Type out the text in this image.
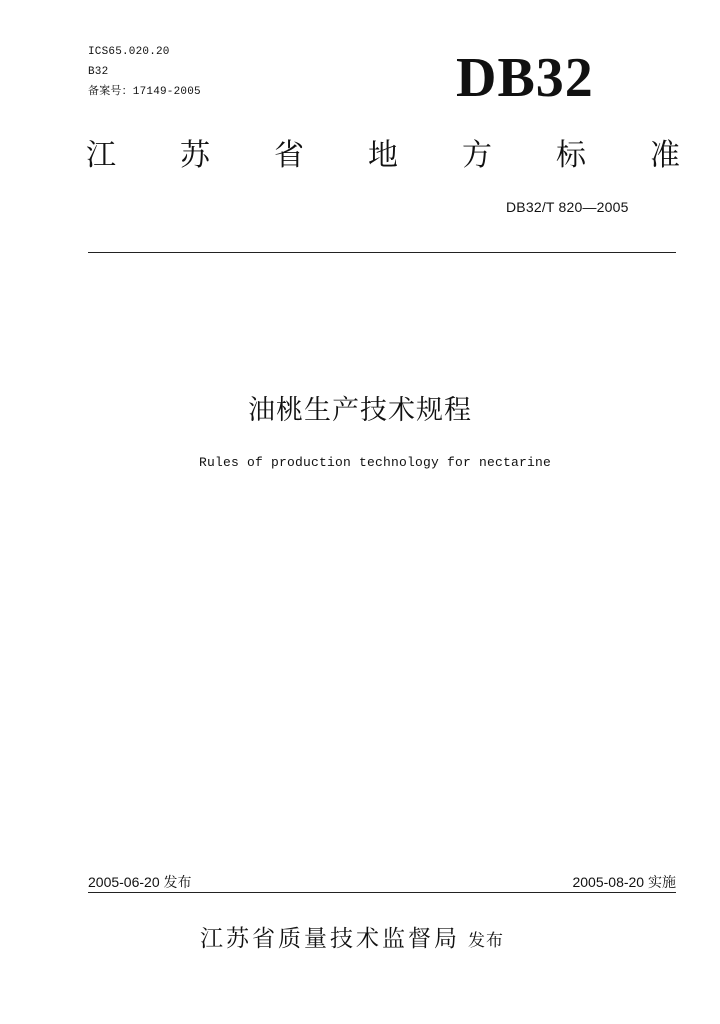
ICS65.020.20
B32
备案号：17149-2005	DB32
江 苏 省 地 方 标 准
DB32/T 820—2005
油桃生产技术规程
Rules of production technology for nectarine
2005-06-20 发布	2005-08-20 实施
江苏省质量技术监督局 发布
